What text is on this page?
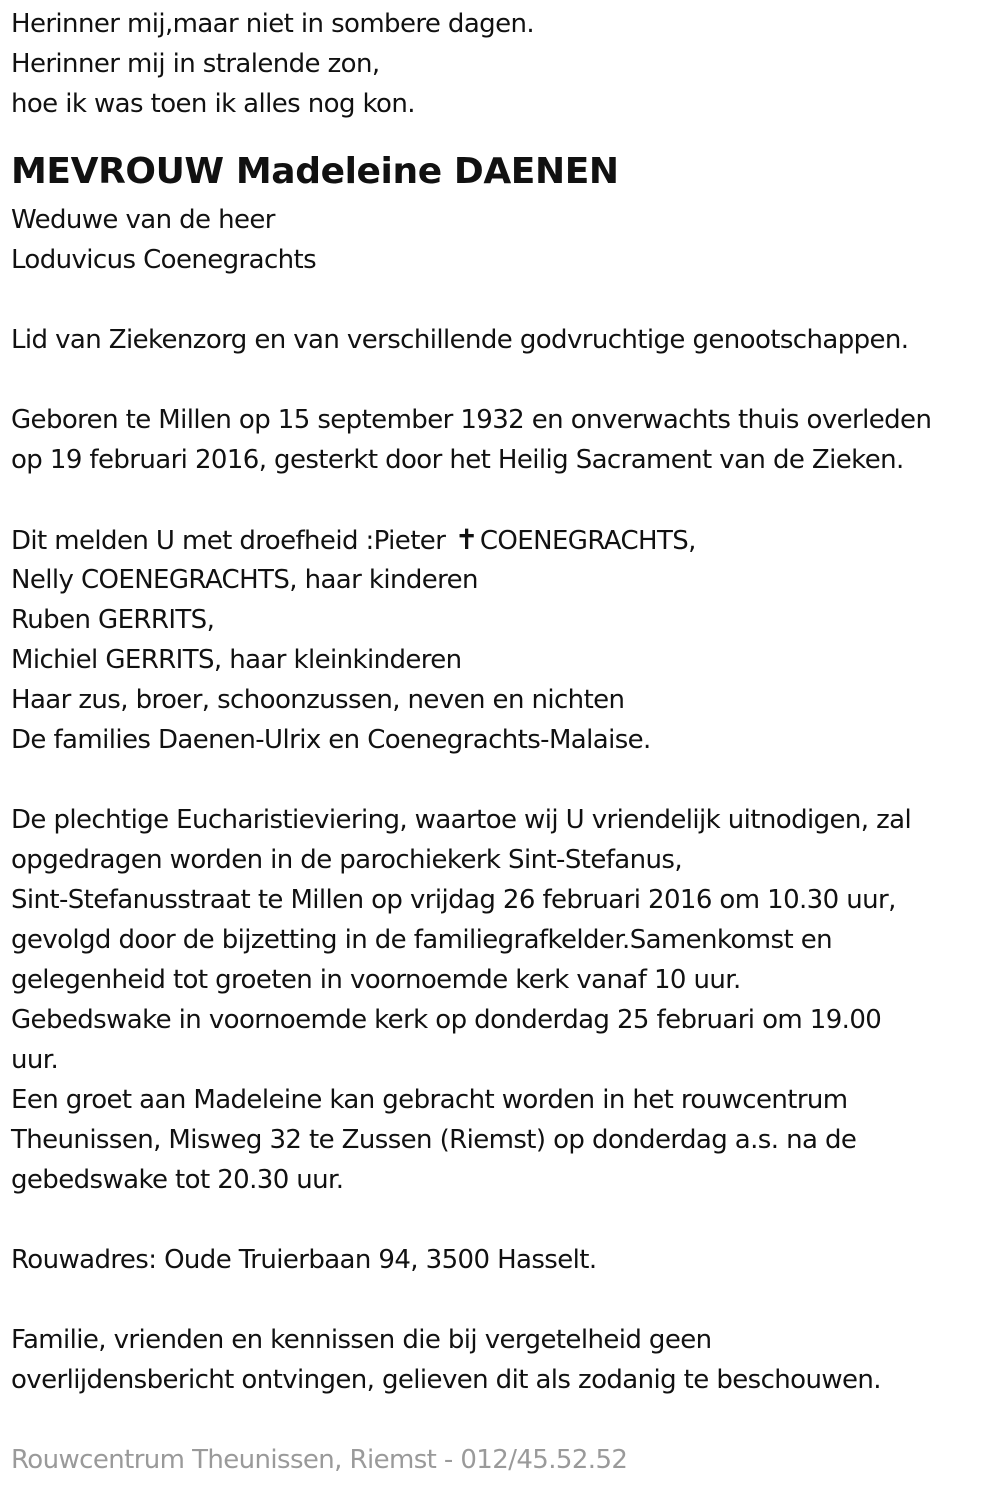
Herinner mij,maar niet in sombere dagen.
Herinner mij in stralende zon,
hoe ik was toen ik alles nog kon.
MEVROUW Madeleine DAENEN
Weduwe van de heer
Loduvicus Coenegrachts
Lid van Ziekenzorg en van verschillende godvruchtige genootschappen.
Geboren te Millen op 15 september 1932 en onverwachts thuis overleden
op 19 februari 2016, gesterkt door het Heilig Sacrament van de Zieken.
Dit melden U met droefheid :Pieter ✝COENEGRACHTS,
Nelly COENEGRACHTS, haar kinderen
Ruben GERRITS,
Michiel GERRITS, haar kleinkinderen
Haar zus, broer, schoonzussen, neven en nichten
De families Daenen-Ulrix en Coenegrachts-Malaise.
De plechtige Eucharistieviering, waartoe wij U vriendelijk uitnodigen, zal
opgedragen worden in de parochiekerk Sint-Stefanus,
Sint-Stefanusstraat te Millen op vrijdag 26 februari 2016 om 10.30 uur,
gevolgd door de bijzetting in de familiegrafkelder.Samenkomst en
gelegenheid tot groeten in voornoemde kerk vanaf 10 uur.
Gebedswake in voornoemde kerk op donderdag 25 februari om 19.00
uur.
Een groet aan Madeleine kan gebracht worden in het rouwcentrum
Theunissen, Misweg 32 te Zussen (Riemst) op donderdag a.s. na de
gebedswake tot 20.30 uur.
Rouwadres: Oude Truierbaan 94, 3500 Hasselt.
Familie, vrienden en kennissen die bij vergetelheid geen
overlijdensbericht ontvingen, gelieven dit als zodanig te beschouwen.
Rouwcentrum Theunissen, Riemst - 012/45.52.52
